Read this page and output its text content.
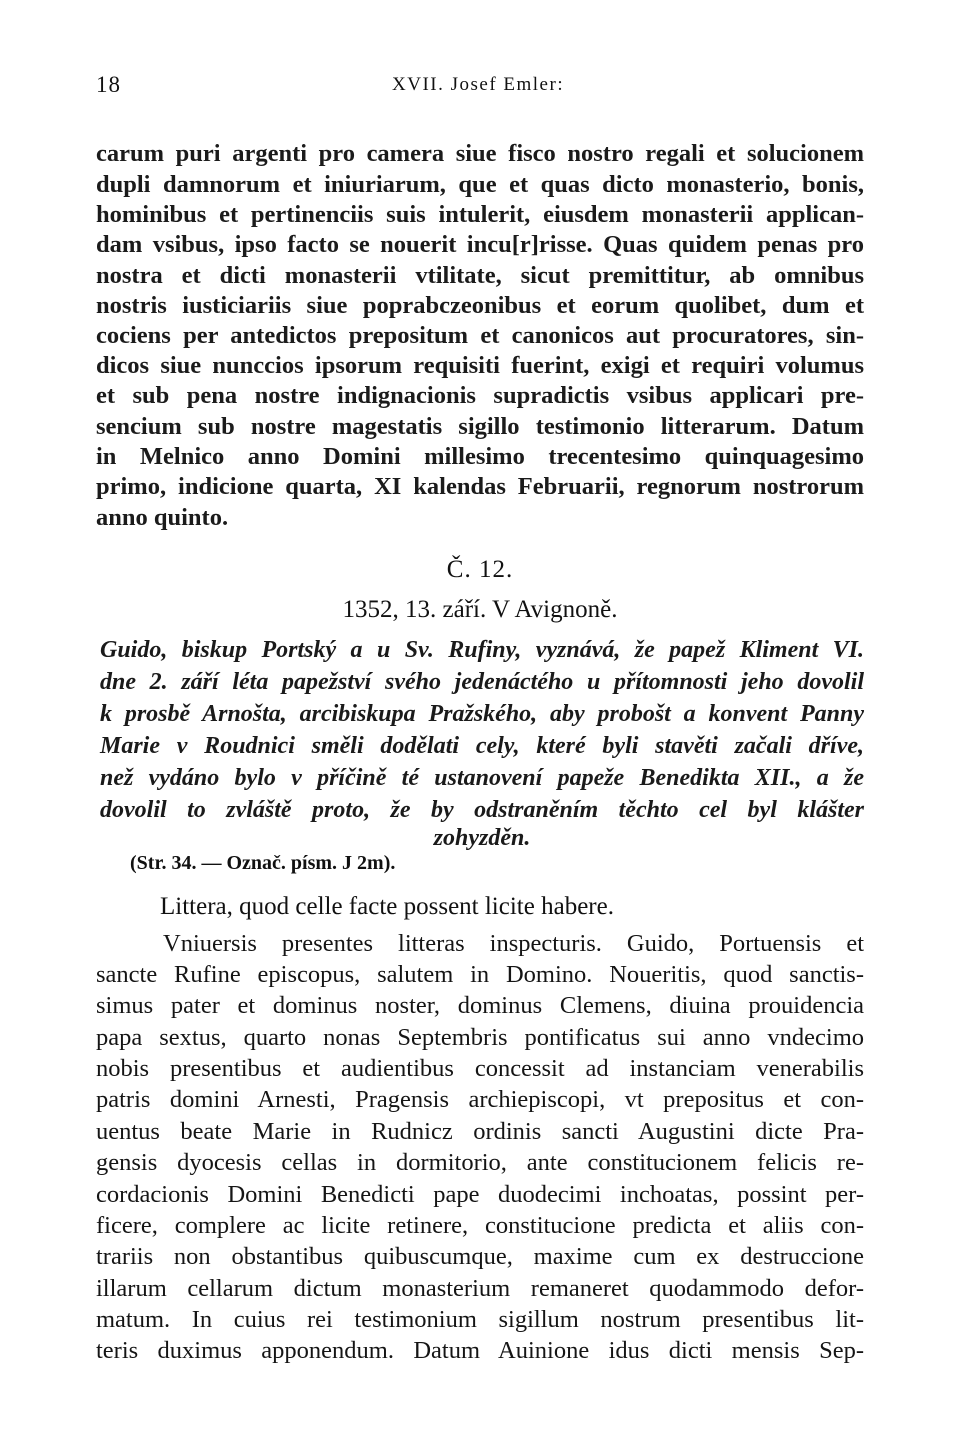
18	XVII. Josef Emler:
carum puri argenti pro camera siue fisco nostro regali et solucionem
dupli damnorum et iniuriarum, que et quas dicto monasterio, bonis,
hominibus et pertinenciis suis intulerit, eiusdem monasterii applican-
dam vsibus, ipso facto se nouerit incu[r]risse. Quas quidem penas pro
nostra et dicti monasterii vtilitate, sicut premittitur, ab omnibus
nostris iusticiariis siue poprabczeonibus et eorum quolibet, dum et
cociens per antedictos prepositum et canonicos aut procuratores, sin-
dicos siue nunccios ipsorum requisiti fuerint, exigi et requiri volumus
et sub pena nostre indignacionis supradictis vsibus applicari pre-
sencium sub nostre magestatis sigillo testimonio litterarum. Datum
in Melnico anno Domini millesimo trecentesimo quinquagesimo
primo, indicione quarta, XI kalendas Februarii, regnorum nostrorum
anno quinto.
Č. 12.
1352, 13. září. V Avignoně.
Guido, biskup Portský a u Sv. Rufiny, vyznává, že papež Kliment VI.
dne 2. září léta papežství svého jedenáctého u přítomnosti jeho dovolil
k prosbě Arnošta, arcibiskupa Pražského, aby probošt a konvent Panny
Marie v Roudnici směli dodělati cely, které byli stavěti začali dříve,
než vydáno bylo v příčině té ustanovení papeže Benedikta XII., a že
dovolil to zvláště proto, že by odstraněním těchto cel byl klášter
zohyzděn.
(Str. 34. — Označ. písm. J 2m).
Littera, quod celle facte possent licite habere.
Vniuersis presentes litteras inspecturis. Guido, Portuensis et
sancte Rufine episcopus, salutem in Domino. Noueritis, quod sanctis-
simus pater et dominus noster, dominus Clemens, diuina prouidencia
papa sextus, quarto nonas Septembris pontificatus sui anno vndecimo
nobis presentibus et audientibus concessit ad instanciam venerabilis
patris domini Arnesti, Pragensis archiepiscopi, vt prepositus et con-
uentus beate Marie in Rudnicz ordinis sancti Augustini dicte Pra-
gensis dyocesis cellas in dormitorio, ante constitucionem felicis re-
cordacionis Domini Benedicti pape duodecimi inchoatas, possint per-
ficere, complere ac licite retinere, constitucione predicta et aliis con-
trariis non obstantibus quibuscumque, maxime cum ex destruccione
illarum cellarum dictum monasterium remaneret quodammodo defor-
matum. In cuius rei testimonium sigillum nostrum presentibus lit-
teris duximus apponendum. Datum Auinione idus dicti mensis Sep-
